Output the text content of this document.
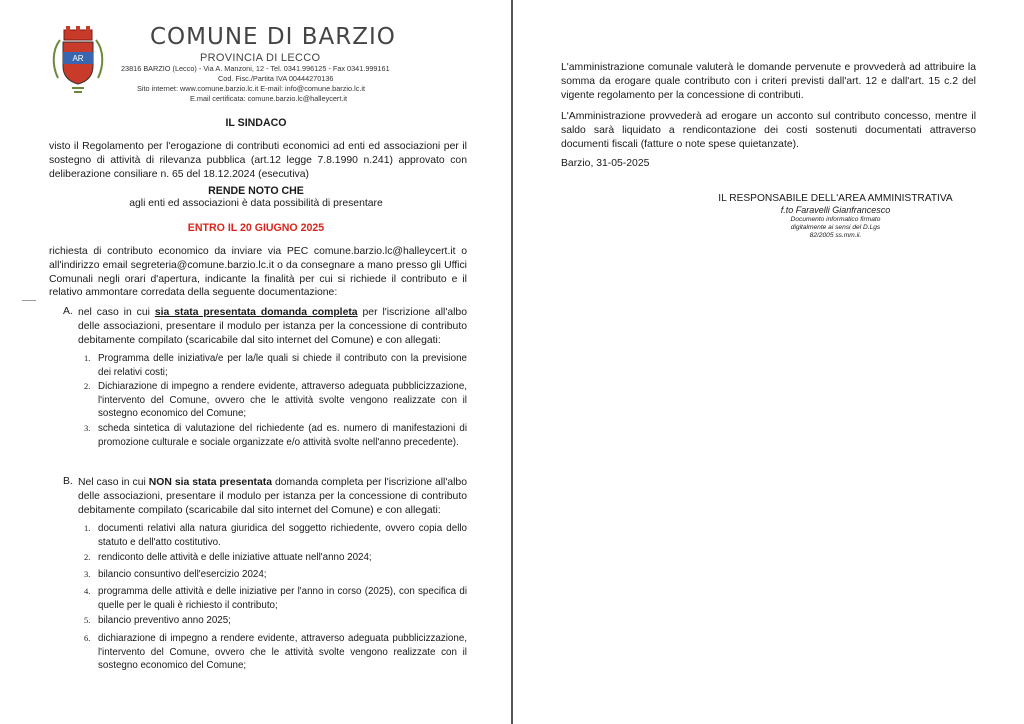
AR
COMUNE DI BARZIO
PROVINCIA DI LECCO
23816 BARZIO (Lecco) - Via A. Manzoni, 12 - Tel. 0341.996125 - Fax 0341.999161
Cod. Fisc./Partita IVA 00444270136
Sito internet: www.comune.barzio.lc.it E-mail: info@comune.barzio.lc.it
E.mail certificata: comune.barzio.lc@halleycert.it
IL SINDACO
visto il Regolamento per l'erogazione di contributi economici ad enti ed associazioni per il sostegno di attività di rilevanza pubblica (art.12 legge 7.8.1990 n.241) approvato con deliberazione consiliare n. 65 del 18.12.2024 (esecutiva)
RENDE NOTO CHE
agli enti ed associazioni è data possibilità di presentare
ENTRO IL 20 GIUGNO 2025
richiesta di contributo economico da inviare via PEC comune.barzio.lc@halleycert.it o all'indirizzo email segreteria@comune.barzio.lc.it o da consegnare a mano presso gli Uffici Comunali negli orari d'apertura, indicante la finalità per cui si richiede il contributo e il relativo ammontare corredata della seguente documentazione:
A. nel caso in cui sia stata presentata domanda completa per l'iscrizione all'albo delle associazioni, presentare il modulo per istanza per la concessione di contributo debitamente compilato (scaricabile dal sito internet del Comune) e con allegati:
1. Programma delle iniziativa/e per la/le quali si chiede il contributo con la previsione dei relativi costi;
2. Dichiarazione di impegno a rendere evidente, attraverso adeguata pubblicizzazione, l'intervento del Comune, ovvero che le attività svolte vengono realizzate con il sostegno economico del Comune;
3. scheda sintetica di valutazione del richiedente (ad es. numero di manifestazioni di promozione culturale e sociale organizzate e/o attività svolte nell'anno precedente).
B. Nel caso in cui NON sia stata presentata domanda completa per l'iscrizione all'albo delle associazioni, presentare il modulo per istanza per la concessione di contributo debitamente compilato (scaricabile dal sito internet del Comune) e con allegati:
1. documenti relativi alla natura giuridica del soggetto richiedente, ovvero copia dello statuto e dell'atto costitutivo.
2. rendiconto delle attività e delle iniziative attuate nell'anno 2024;
3. bilancio consuntivo dell'esercizio 2024;
4. programma delle attività e delle iniziative per l'anno in corso (2025), con specifica di quelle per le quali è richiesto il contributo;
5. bilancio preventivo anno 2025;
6. dichiarazione di impegno a rendere evidente, attraverso adeguata pubblicizzazione, l'intervento del Comune, ovvero che le attività svolte vengono realizzate con il sostegno economico del Comune;
L'amministrazione comunale valuterà le domande pervenute e provvederà ad attribuire la somma da erogare quale contributo con i criteri previsti dall'art. 12 e dall'art. 15 c.2 del vigente regolamento per la concessione di contributi.
L'Amministrazione provvederà ad erogare un acconto sul contributo concesso, mentre il saldo sarà liquidato a rendicontazione dei costi sostenuti documentati attraverso documenti fiscali (fatture o note spese quietanzate).
Barzio, 31-05-2025
IL RESPONSABILE DELL'AREA AMMINISTRATIVA
f.to Faravelli Gianfrancesco
Documento informatico firmato
digitalmente ai sensi del D.Lgs
82/2005 ss.mm.ii.
